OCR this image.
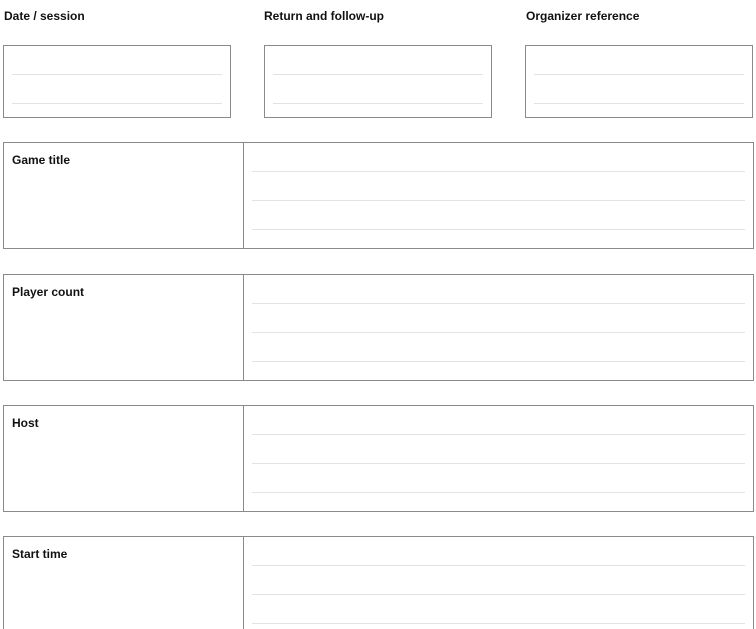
Date / session	Return and follow-up	Organizer reference
Game title
Player count
Host
Start time
